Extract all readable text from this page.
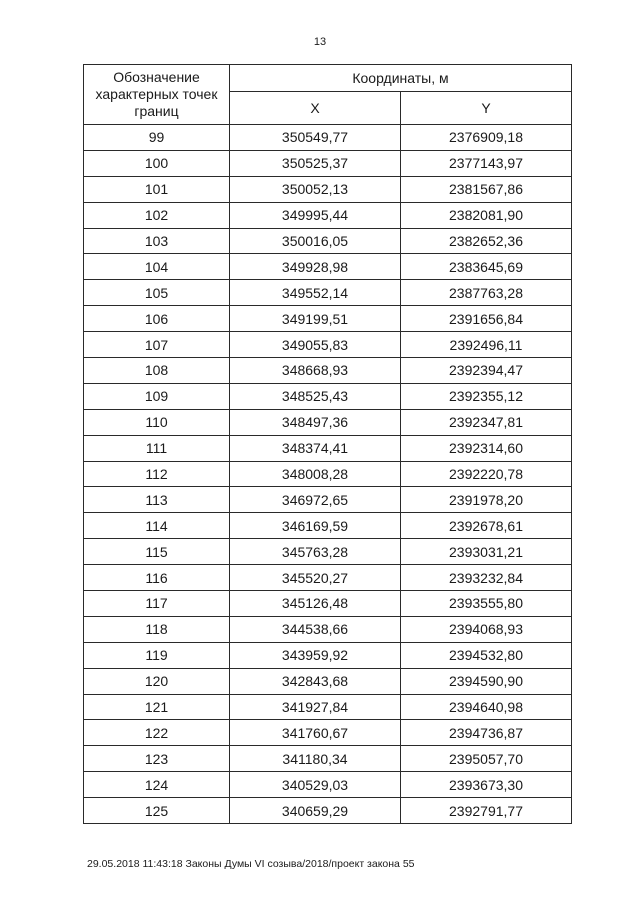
13
Обозначение характерных точек границ	Координаты, м	
	X	Y
99	350549,77	2376909,18
100	350525,37	2377143,97
101	350052,13	2381567,86
102	349995,44	2382081,90
103	350016,05	2382652,36
104	349928,98	2383645,69
105	349552,14	2387763,28
106	349199,51	2391656,84
107	349055,83	2392496,11
108	348668,93	2392394,47
109	348525,43	2392355,12
110	348497,36	2392347,81
111	348374,41	2392314,60
112	348008,28	2392220,78
113	346972,65	2391978,20
114	346169,59	2392678,61
115	345763,28	2393031,21
116	345520,27	2393232,84
117	345126,48	2393555,80
118	344538,66	2394068,93
119	343959,92	2394532,80
120	342843,68	2394590,90
121	341927,84	2394640,98
122	341760,67	2394736,87
123	341180,34	2395057,70
124	340529,03	2393673,30
125	340659,29	2392791,77
29.05.2018 11:43:18 Законы Думы VI созыва/2018/проект закона 55
